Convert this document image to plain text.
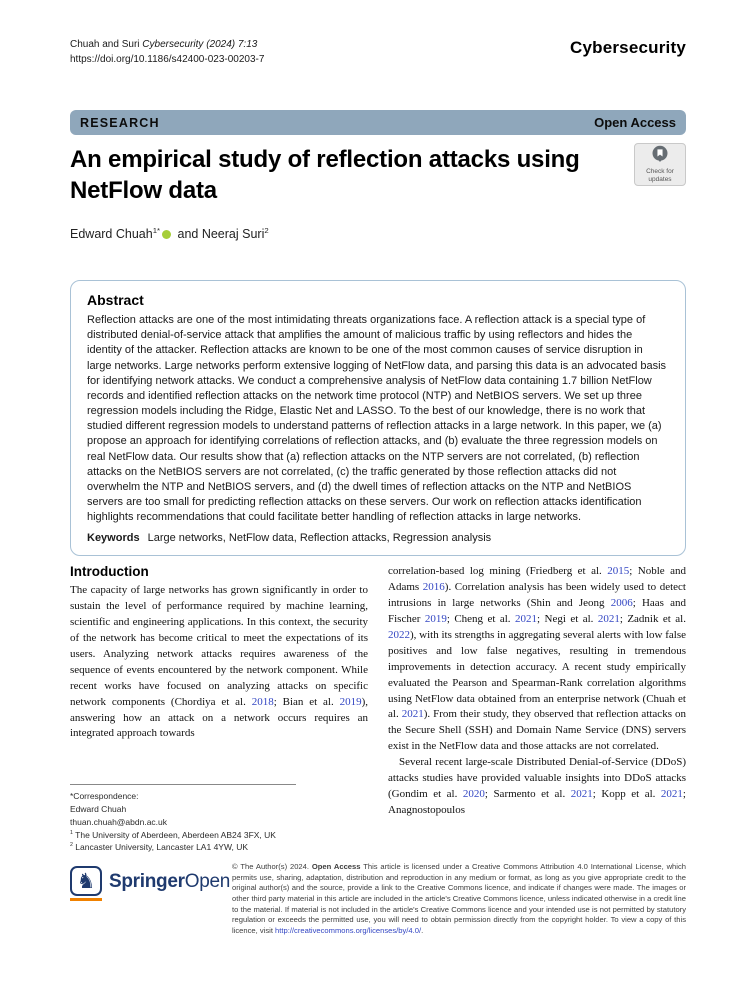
Chuah and Suri Cybersecurity (2024) 7:13
https://doi.org/10.1186/s42400-023-00203-7
Cybersecurity
RESEARCH	Open Access
An empirical study of reflection attacks using NetFlow data
Check for
updates
Edward Chuah$^{1*}$ and Neeraj Suri$^2$
Abstract
Reflection attacks are one of the most intimidating threats organizations face. A reflection attack is a special type of distributed denial-of-service attack that amplifies the amount of malicious traffic by using reflectors and hides the identity of the attacker. Reflection attacks are known to be one of the most common causes of service disruption in large networks. Large networks perform extensive logging of NetFlow data, and parsing this data is an advocated basis for identifying network attacks. We conduct a comprehensive analysis of NetFlow data containing 1.7 billion NetFlow records and identified reflection attacks on the network time protocol (NTP) and NetBIOS servers. We set up three regression models including the Ridge, Elastic Net and LASSO. To the best of our knowledge, there is no work that studied different regression models to understand patterns of reflection attacks in a large network. In this paper, we (a) propose an approach for identifying correlations of reflection attacks, and (b) evaluate the three regression models on real NetFlow data. Our results show that (a) reflection attacks on the NTP servers are not correlated, (b) reflection attacks on the NetBIOS servers are not correlated, (c) the traffic generated by those reflection attacks did not overwhelm the NTP and NetBIOS servers, and (d) the dwell times of reflection attacks on the NTP and NetBIOS servers are too small for predicting reflection attacks on these servers. Our work on reflection attacks identification highlights recommendations that could facilitate better handling of reflection attacks in large networks.
Keywords Large networks, NetFlow data, Reflection attacks, Regression analysis
Introduction

The capacity of large networks has grown significantly in order to sustain the level of performance required by machine learning, scientific and engineering applications. In this context, the security of the network has become critical to meet the expectations of its users. Analyzing network attacks requires awareness of the sequence of events encountered by the network component. While recent works have focused on analyzing attacks on specific network components (Chordiya et al. 2018; Bian et al. 2019), answering how an attack on a network occurs requires an integrated approach towards

*Correspondence:
Edward Chuah
thuan.chuah@abdn.ac.uk
$^1$ The University of Aberdeen, Aberdeen AB24 3FX, UK
$^2$ Lancaster University, Lancaster LA1 4YW, UK

correlation-based log mining (Friedberg et al. 2015; Noble and Adams 2016). Correlation analysis has been widely used to detect intrusions in large networks (Shin and Jeong 2006; Haas and Fischer 2019; Cheng et al. 2021; Negi et al. 2021; Zadnik et al. 2022), with its strengths in aggregating several alerts with low false positives and low false negatives, resulting in tremendous improvements in detection accuracy. A recent study empirically evaluated the Pearson and Spearman-Rank correlation algorithms using NetFlow data obtained from an enterprise network (Chuah et al. 2021). From their study, they observed that reflection attacks on the Secure Shell (SSH) and Domain Name Service (DNS) servers exist in the NetFlow data and those attacks are not correlated.

Several recent large-scale Distributed Denial-of-Service (DDoS) attacks studies have provided valuable insights into DDoS attacks (Gondim et al. 2020; Sarmento et al. 2021; Kopp et al. 2021; Anagnostopoulos

♞ SpringerOpen
© The Author(s) 2024. Open Access This article is licensed under a Creative Commons Attribution 4.0 International License, which permits use, sharing, adaptation, distribution and reproduction in any medium or format, as long as you give appropriate credit to the original author(s) and the source, provide a link to the Creative Commons licence, and indicate if changes were made. The images or other third party material in this article are included in the article's Creative Commons licence, unless indicated otherwise in a credit line to the material. If material is not included in the article's Creative Commons licence and your intended use is not permitted by statutory regulation or exceeds the permitted use, you will need to obtain permission directly from the copyright holder. To view a copy of this licence, visit http://creativecommons.org/licenses/by/4.0/.
